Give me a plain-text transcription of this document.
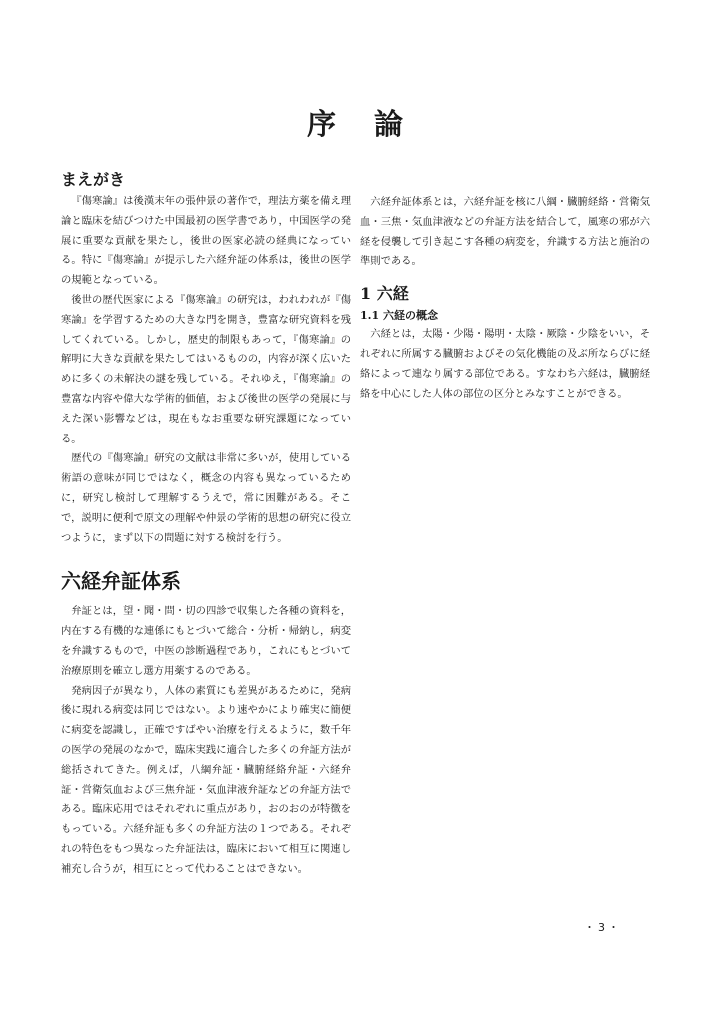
序 論
まえがき

『傷寒論』は後漢末年の張仲景の著作で，理法方薬を備え理論と臨床を結びつけた中国最初の医学書であり，中国医学の発展に重要な貢献を果たし，後世の医家必読の経典になっている。特に『傷寒論』が提示した六経弁証の体系は，後世の医学の規範となっている。

後世の歴代医家による『傷寒論』の研究は，われわれが『傷寒論』を学習するための大きな門を開き，豊富な研究資料を残してくれている。しかし，歴史的制限もあって，『傷寒論』の解明に大きな貢献を果たしてはいるものの，内容が深く広いために多くの未解決の謎を残している。それゆえ，『傷寒論』の豊富な内容や偉大な学術的価値，および後世の医学の発展に与えた深い影響などは，現在もなお重要な研究課題になっている。

歴代の『傷寒論』研究の文献は非常に多いが，使用している術語の意味が同じではなく，概念の内容も異なっているために，研究し検討して理解するうえで，常に困難がある。そこで，説明に便利で原文の理解や仲景の学術的思想の研究に役立つように，まず以下の問題に対する検討を行う。

六経弁証体系

弁証とは，望・聞・問・切の四診で収集した各種の資料を，内在する有機的な連係にもとづいて総合・分析・帰納し，病変を弁識するもので，中医の診断過程であり，これにもとづいて治療原則を確立し選方用薬するのである。

発病因子が異なり，人体の素質にも差異があるために，発病後に現れる病変は同じではない。より速やかにより確実に簡便に病変を認識し，正確ですばやい治療を行えるように，数千年の医学の発展のなかで，臨床実践に適合した多くの弁証方法が総括されてきた。例えば，八綱弁証・臓腑経絡弁証・六経弁証・営衛気血および三焦弁証・気血津液弁証などの弁証方法である。臨床応用ではそれぞれに重点があり，おのおのが特徴をもっている。六経弁証も多くの弁証方法の１つである。それぞれの特色をもつ異なった弁証法は，臨床において相互に関連し補充し合うが，相互にとって代わることはできない。

六経弁証体系とは，六経弁証を核に八綱・臓腑経絡・営衛気血・三焦・気血津液などの弁証方法を結合して，風寒の邪が六経を侵襲して引き起こす各種の病変を，弁識する方法と施治の準則である。

1 六経
1.1 六経の概念

六経とは，太陽・少陽・陽明・太陰・厥陰・少陰をいい，それぞれに所属する臓腑およびその気化機能の及ぶ所ならびに経絡によって連なり属する部位である。すなわち六経は，臓腑経絡を中心にした人体の部位の区分とみなすことができる。

・3・
